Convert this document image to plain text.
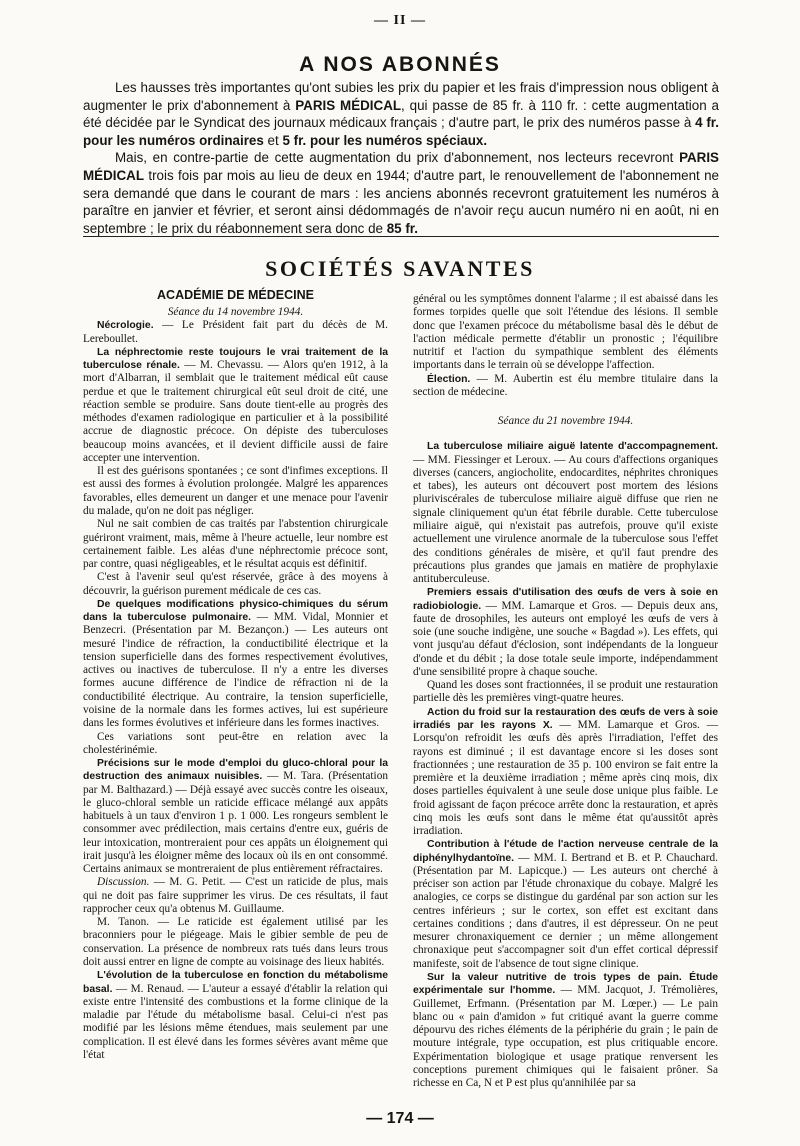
— II —
A NOS ABONNÉS

Les hausses très importantes qu'ont subies les prix du papier et les frais d'impression nous obligent à augmenter le prix d'abonnement à PARIS MÉDICAL, qui passe de 85 fr. à 110 fr. : cette augmentation a été décidée par le Syndicat des journaux médicaux français ; d'autre part, le prix des numéros passe à 4 fr. pour les numéros ordinaires et 5 fr. pour les numéros spéciaux.

Mais, en contre-partie de cette augmentation du prix d'abonnement, nos lecteurs recevront PARIS MÉDICAL trois fois par mois au lieu de deux en 1944; d'autre part, le renouvellement de l'abonnement ne sera demandé que dans le courant de mars : les anciens abonnés recevront gratuitement les numéros à paraître en janvier et février, et seront ainsi dédommagés de n'avoir reçu aucun numéro ni en août, ni en septembre ; le prix du réabonnement sera donc de 85 fr.

SOCIÉTÉS SAVANTES
ACADÉMIE DE MÉDECINE

Séance du 14 novembre 1944.

Nécrologie. — Le Président fait part du décès de M. Lereboullet.

La néphrectomie reste toujours le vrai traitement de la tuberculose rénale. — M. Chevassu. — Alors qu'en 1912, à la mort d'Albarran, il semblait que le traitement médical eût cause perdue et que le traitement chirurgical eût seul droit de cité, une réaction semble se produire. Sans doute tient-elle au progrès des méthodes d'examen radiologique en particulier et à la possibilité accrue de diagnostic précoce. On dépiste des tuberculoses beaucoup moins avancées, et il devient difficile aussi de faire accepter une intervention.

Il est des guérisons spontanées ; ce sont d'infimes exceptions. Il est aussi des formes à évolution prolongée. Malgré les apparences favorables, elles demeurent un danger et une menace pour l'avenir du malade, qu'on ne doit pas négliger.

Nul ne sait combien de cas traités par l'abstention chirurgicale guériront vraiment, mais, même à l'heure actuelle, leur nombre est certainement faible. Les aléas d'une néphrectomie précoce sont, par contre, quasi négligeables, et le résultat acquis est définitif.

C'est à l'avenir seul qu'est réservée, grâce à des moyens à découvrir, la guérison purement médicale de ces cas.

De quelques modifications physico-chimiques du sérum dans la tuberculose pulmonaire. — MM. Vidal, Monnier et Benzecri. (Présentation par M. Bezançon.) — Les auteurs ont mesuré l'indice de réfraction, la conductibilité électrique et la tension superficielle dans des formes respectivement évolutives, actives ou inactives de tuberculose. Il n'y a entre les diverses formes aucune différence de l'indice de réfraction ni de la conductibilité électrique. Au contraire, la tension superficielle, voisine de la normale dans les formes actives, lui est supérieure dans les formes évolutives et inférieure dans les formes inactives.

Ces variations sont peut-être en relation avec la cholestérinémie.

Précisions sur le mode d'emploi du gluco-chloral pour la destruction des animaux nuisibles. — M. Tara. (Présentation par M. Balthazard.) — Déjà essayé avec succès contre les oiseaux, le gluco-chloral semble un raticide efficace mélangé aux appâts habituels à un taux d'environ 1 p. 1 000. Les rongeurs semblent le consommer avec prédilection, mais certains d'entre eux, guéris de leur intoxication, montreraient pour ces appâts un éloignement qui irait jusqu'à les éloigner même des locaux où ils en ont consommé. Certains animaux se montreraient de plus entièrement réfractaires.

Discussion. — M. G. Petit. — C'est un raticide de plus, mais qui ne doit pas faire supprimer les virus. De ces résultats, il faut rapprocher ceux qu'a obtenus M. Guillaume.

M. Tanon. — Le raticide est également utilisé par les braconniers pour le piégeage. Mais le gibier semble de peu de conservation. La présence de nombreux rats tués dans leurs trous doit aussi entrer en ligne de compte au voisinage des lieux habités.

L'évolution de la tuberculose en fonction du métabolisme basal. — M. Renaud. — L'auteur a essayé d'établir la relation qui existe entre l'intensité des combustions et la forme clinique de la maladie par l'étude du métabolisme basal. Celui-ci n'est pas modifié par les lésions même étendues, mais seulement par une complication. Il est élevé dans les formes sévères avant même que l'état

général ou les symptômes donnent l'alarme ; il est abaissé dans les formes torpides quelle que soit l'étendue des lésions. Il semble donc que l'examen précoce du métabolisme basal dès le début de l'action médicale permette d'établir un pronostic ; l'équilibre nutritif et l'action du sympathique semblent des éléments importants dans le terrain où se développe l'affection.

Élection. — M. Aubertin est élu membre titulaire dans la section de médecine.

Séance du 21 novembre 1944.

La tuberculose miliaire aiguë latente d'accompagnement. — MM. Fiessinger et Leroux. — Au cours d'affections organiques diverses (cancers, angiocholite, endocardites, néphrites chroniques et tabes), les auteurs ont découvert post mortem des lésions pluriviscérales de tuberculose miliaire aiguë diffuse que rien ne signale cliniquement qu'un état fébrile durable. Cette tuberculose miliaire aiguë, qui n'existait pas autrefois, prouve qu'il existe actuellement une virulence anormale de la tuberculose sous l'effet des conditions générales de misère, et qu'il faut prendre des précautions plus grandes que jamais en matière de prophylaxie antituberculeuse.

Premiers essais d'utilisation des œufs de vers à soie en radiobiologie. — MM. Lamarque et Gros. — Depuis deux ans, faute de drosophiles, les auteurs ont employé les œufs de vers à soie (une souche indigène, une souche « Bagdad »). Les effets, qui vont jusqu'au défaut d'éclosion, sont indépendants de la longueur d'onde et du débit ; la dose totale seule importe, indépendamment d'une sensibilité propre à chaque souche.

Quand les doses sont fractionnées, il se produit une restauration partielle dès les premières vingt-quatre heures.

Action du froid sur la restauration des œufs de vers à soie irradiés par les rayons X. — MM. Lamarque et Gros. — Lorsqu'on refroidit les œufs dès après l'irradiation, l'effet des rayons est diminué ; il est davantage encore si les doses sont fractionnées ; une restauration de 35 p. 100 environ se fait entre la première et la deuxième irradiation ; même après cinq mois, dix doses partielles équivalent à une seule dose unique plus faible. Le froid agissant de façon précoce arrête donc la restauration, et après cinq mois les œufs sont dans le même état qu'aussitôt après irradiation.

Contribution à l'étude de l'action nerveuse centrale de la diphénylhydantoïne. — MM. I. Bertrand et B. et P. Chauchard. (Présentation par M. Lapicque.) — Les auteurs ont cherché à préciser son action par l'étude chronaxique du cobaye. Malgré les analogies, ce corps se distingue du gardénal par son action sur les centres inférieurs ; sur le cortex, son effet est excitant dans certaines conditions ; dans d'autres, il est dépresseur. On ne peut mesurer chronaxiquement ce dernier ; un même allongement chronaxique peut s'accompagner soit d'un effet cortical dépressif manifeste, soit de l'absence de tout signe clinique.

Sur la valeur nutritive de trois types de pain. Étude expérimentale sur l'homme. — MM. Jacquot, J. Trémolières, Guillemet, Erfmann. (Présentation par M. Lœper.) — Le pain blanc ou « pain d'amidon » fut critiqué avant la guerre comme dépourvu des riches éléments de la périphérie du grain ; le pain de mouture intégrale, type occupation, est plus critiquable encore. Expérimentation biologique et usage pratique renversent les conceptions purement chimiques qui le faisaient prôner. Sa richesse en Ca, N et P est plus qu'annihilée par sa

— 174 —
